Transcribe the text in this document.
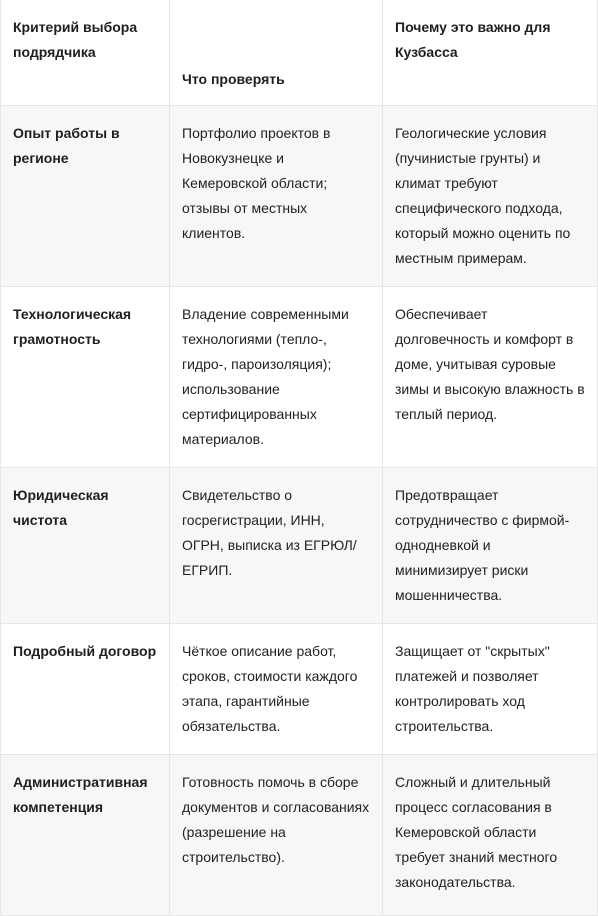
Критерий выбора подрядчика	Что проверять	Почему это важно для Кузбасса
Опыт работы в регионе	Портфолио проектов в Новокузнецке и Кемеровской области; отзывы от местных клиентов.	Геологические условия (пучинистые грунты) и климат требуют специфического подхода, который можно оценить по местным примерам.
Технологическая грамотность	Владение современными технологиями (тепло-, гидро-, пароизоляция); использование сертифицированных материалов.	Обеспечивает долговечность и комфорт в доме, учитывая суровые зимы и высокую влажность в теплый период.
Юридическая чистота	Свидетельство о госрегистрации, ИНН, ОГРН, выписка из ЕГРЮЛ/ЕГРИП.	Предотвращает сотрудничество с фирмой-однодневкой и минимизирует риски мошенничества.
Подробный договор	Чёткое описание работ, сроков, стоимости каждого этапа, гарантийные обязательства.	Защищает от "скрытых" платежей и позволяет контролировать ход строительства.
Административная компетенция	Готовность помочь в сборе документов и согласованиях (разрешение на строительство).	Сложный и длительный процесс согласования в Кемеровской области требует знаний местного законодательства.
